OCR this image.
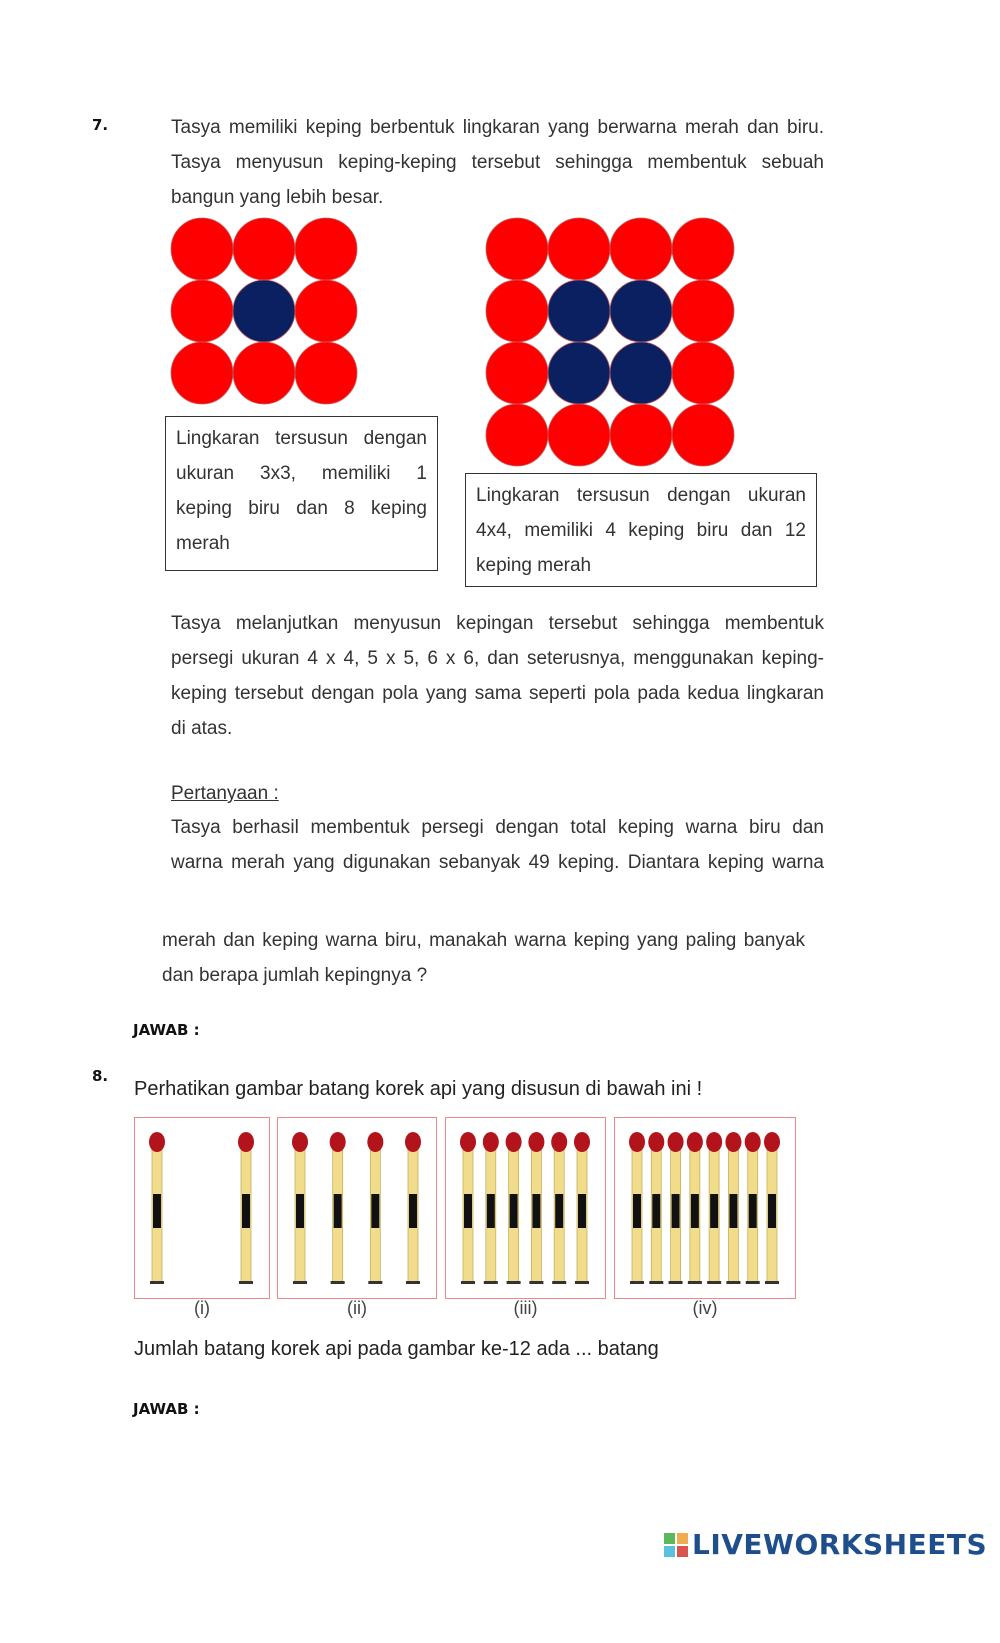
7.	Tasya memiliki keping berbentuk lingkaran yang berwarna merah dan biru.
Tasya menyusun keping-keping tersebut sehingga membentuk sebuah
bangun yang lebih besar.
Lingkaran tersusun dengan
ukuran 3x3, memiliki 1
keping biru dan 8 keping
merah
Lingkaran tersusun dengan ukuran
4x4, memiliki 4 keping biru dan 12
keping merah
Tasya melanjutkan menyusun kepingan tersebut sehingga membentuk
persegi ukuran 4 x 4, 5 x 5, 6 x 6, dan seterusnya, menggunakan keping-
keping tersebut dengan pola yang sama seperti pola pada kedua lingkaran
di atas.
Pertanyaan :
Tasya berhasil membentuk persegi dengan total keping warna biru dan
warna merah yang digunakan sebanyak 49 keping. Diantara keping warna
merah dan keping warna biru, manakah warna keping yang paling banyak
dan berapa jumlah kepingnya ?
JAWAB :
8.
Perhatikan gambar batang korek api yang disusun di bawah ini !
(i)	(ii)	(iii)	(iv)
Jumlah batang korek api pada gambar ke-12 ada ... batang
JAWAB :
LIVEWORKSHEETS
